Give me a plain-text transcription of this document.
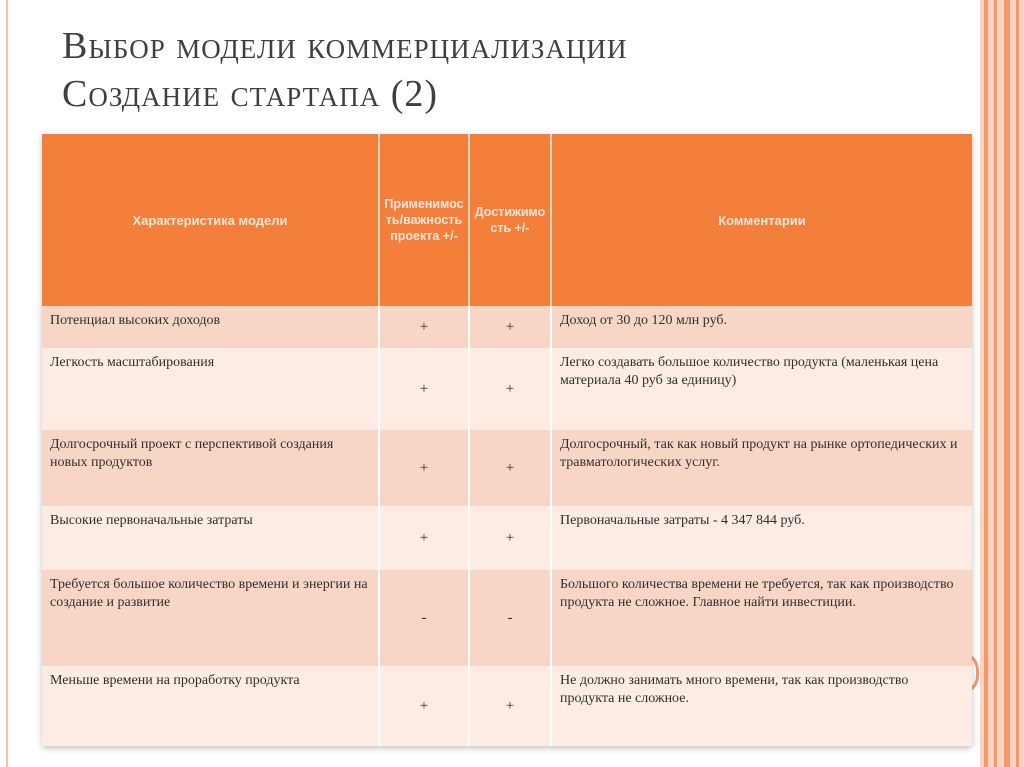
Выбор модели коммерциализации
Создание стартапа (2)
Характеристика модели	Применимость/важность проекта +/-	Достижимость +/-	Комментарии
Потенциал высоких доходов	+	+	Доход от 30 до 120 млн руб.
Легкость масштабирования	+	+	Легко создавать большое количество продукта (маленькая цена материала 40 руб за единицу)
Долгосрочный проект с перспективой создания новых продуктов	+	+	Долгосрочный, так как новый продукт на рынке ортопедических и травматологических услуг.
Высокие первоначальные затраты	+	+	Первоначальные затраты - 4 347 844 руб.
Требуется большое количество времени и энергии на создание и развитие	-	-	Большого количества времени не требуется, так как производство продукта не сложное. Главное найти инвестиции.
Меньше времени на проработку продукта	+	+	Не должно занимать много времени, так как производство продукта не сложное.
